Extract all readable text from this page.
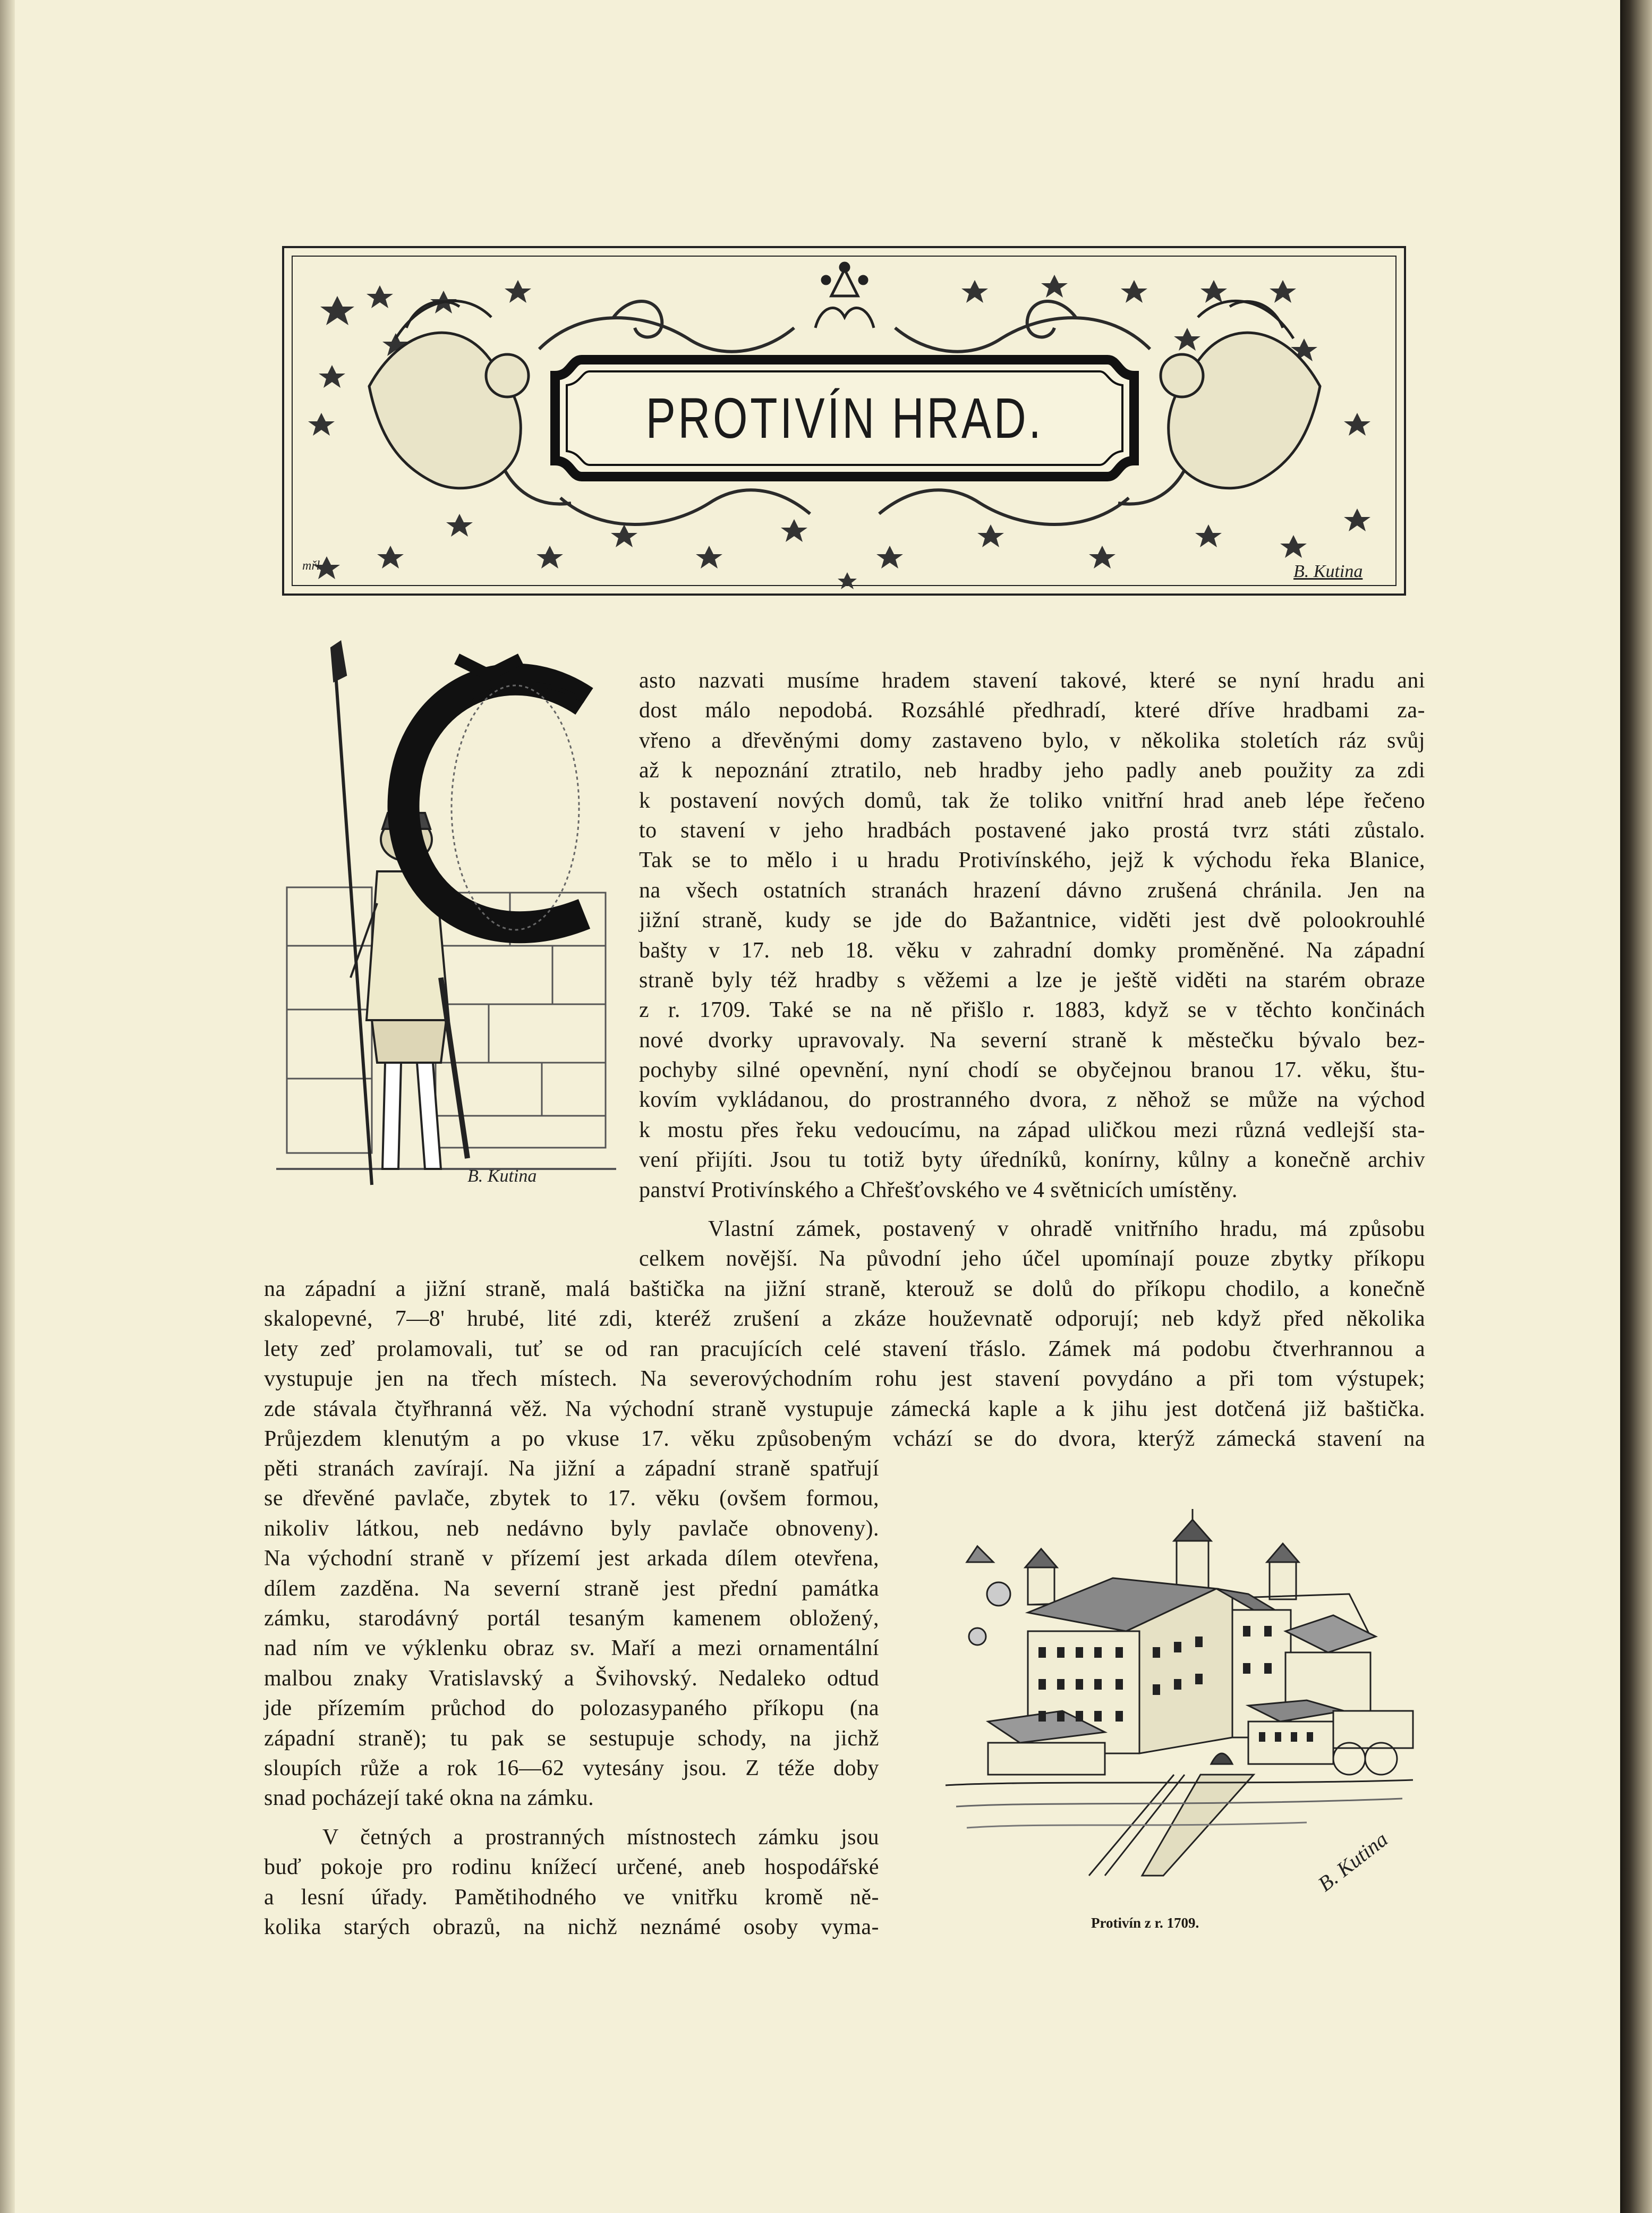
PROTIVÍN HRAD.
mřl	B. Kutina
B. Kutina
asto nazvati musíme hradem stavení takové, které se nyní hradu ani
dost málo nepodobá. Rozsáhlé předhradí, které dříve hradbami za-
vřeno a dřevěnými domy zastaveno bylo, v několika stoletích ráz svůj
až k nepoznání ztratilo, neb hradby jeho padly aneb použity za zdi
k postavení nových domů, tak že toliko vnitřní hrad aneb lépe řečeno
to stavení v jeho hradbách postavené jako prostá tvrz státi zůstalo.
Tak se to mělo i u hradu Protivínského, jejž k východu řeka Blanice,
na všech ostatních stranách hrazení dávno zrušená chránila. Jen na
jižní straně, kudy se jde do Bažantnice, viděti jest dvě polookrouhlé
bašty v 17. neb 18. věku v zahradní domky proměněné. Na západní
straně byly též hradby s věžemi a lze je ještě viděti na starém obraze
z r. 1709. Také se na ně přišlo r. 1883, když se v těchto končinách
nové dvorky upravovaly. Na severní straně k městečku bývalo bez-
pochyby silné opevnění, nyní chodí se obyčejnou branou 17. věku, štu-
kovím vykládanou, do prostranného dvora, z něhož se může na východ
k mostu přes řeku vedoucímu, na západ uličkou mezi různá vedlejší sta-
vení přijíti. Jsou tu totiž byty úředníků, konírny, kůlny a konečně archiv
panství Protivínského a Chřešťovského ve 4 světnicích umístěny.
Vlastní zámek, postavený v ohradě vnitřního hradu, má způsobu
celkem novější. Na původní jeho účel upomínají pouze zbytky příkopu
na západní a jižní straně, malá baštička na jižní straně, kterouž se dolů do příkopu chodilo, a konečně
skalopevné, 7—8' hrubé, lité zdi, kteréž zrušení a zkáze houževnatě odporují; neb když před několika
lety zeď prolamovali, tuť se od ran pracujících celé stavení třáslo. Zámek má podobu čtverhrannou a
vystupuje jen na třech místech. Na severovýchodním rohu jest stavení povydáno a při tom výstupek;
zde stávala čtyřhranná věž. Na východní straně vystupuje zámecká kaple a k jihu jest dotčená již baštička.
Průjezdem klenutým a po vkuse 17. věku způsobeným vchází se do dvora, kterýž zámecká stavení na
pěti stranách zavírají. Na jižní a západní straně spatřují
se dřevěné pavlače, zbytek to 17. věku (ovšem formou,
nikoliv látkou, neb nedávno byly pavlače obnoveny).
Na východní straně v přízemí jest arkada dílem otevřena,
dílem zazděna. Na severní straně jest přední památka
zámku, starodávný portál tesaným kamenem obložený,
nad ním ve výklenku obraz sv. Maří a mezi ornamentální
malbou znaky Vratislavský a Švihovský. Nedaleko odtud
jde přízemím průchod do polozasypaného příkopu (na
západní straně); tu pak se sestupuje schody, na jichž
sloupích růže a rok 16—62 vytesány jsou. Z téže doby
snad pocházejí také okna na zámku.
V četných a prostranných místnostech zámku jsou
buď pokoje pro rodinu knížecí určené, aneb hospodářské
a lesní úřady. Pamětihodného ve vnitřku kromě ně-
kolika starých obrazů, na nichž neznámé osoby vyma-
B. Kutina
Protivín z r. 1709.
